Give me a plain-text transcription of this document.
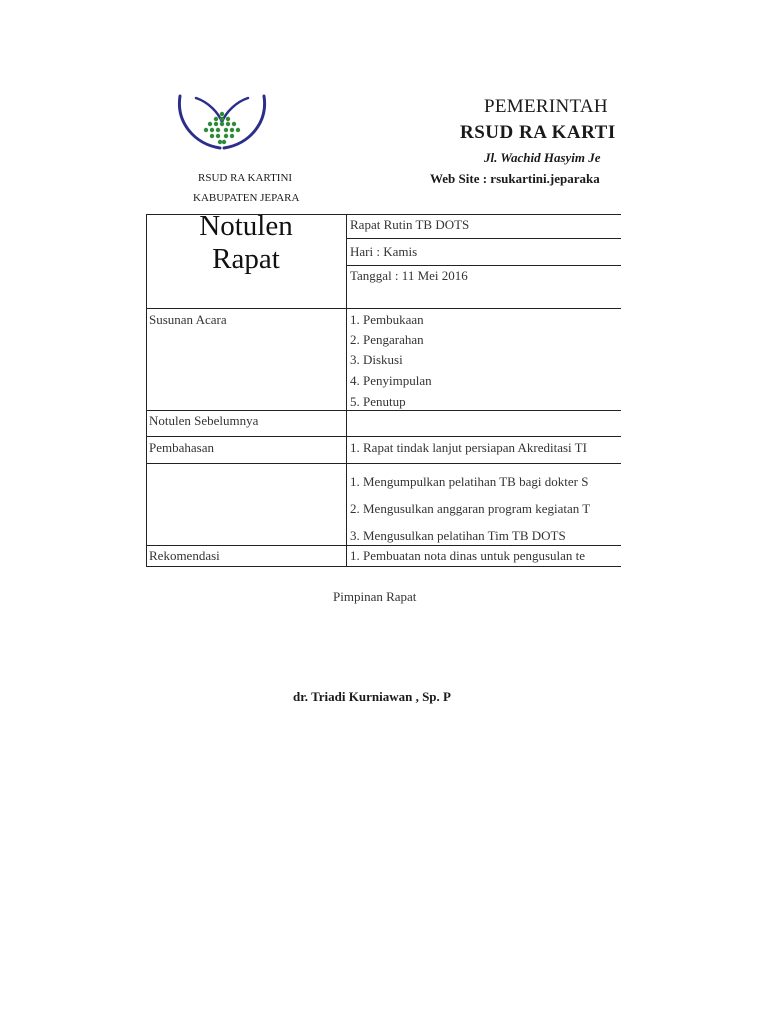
PEMERINTAH
RSUD RA KARTI
Jl. Wachid Hasyim Je
Web Site : rsukartini.jeparaka
RSUD RA KARTINI
KABUPATEN JEPARA
Notulen
Rapat
Rapat Rutin TB DOTS
Hari : Kamis
Tanggal : 11 Mei 2016
Susunan Acara	1. Pembukaan
2. Pengarahan
3. Diskusi
4. Penyimpulan
5. Penutup
Notulen Sebelumnya
Pembahasan	1. Rapat tindak lanjut persiapan Akreditasi TI
1. Mengumpulkan pelatihan TB bagi dokter S
2. Mengusulkan anggaran program kegiatan T
3. Mengusulkan pelatihan Tim TB DOTS
Rekomendasi	1. Pembuatan nota dinas untuk pengusulan te
Pimpinan Rapat
dr. Triadi Kurniawan , Sp. P
